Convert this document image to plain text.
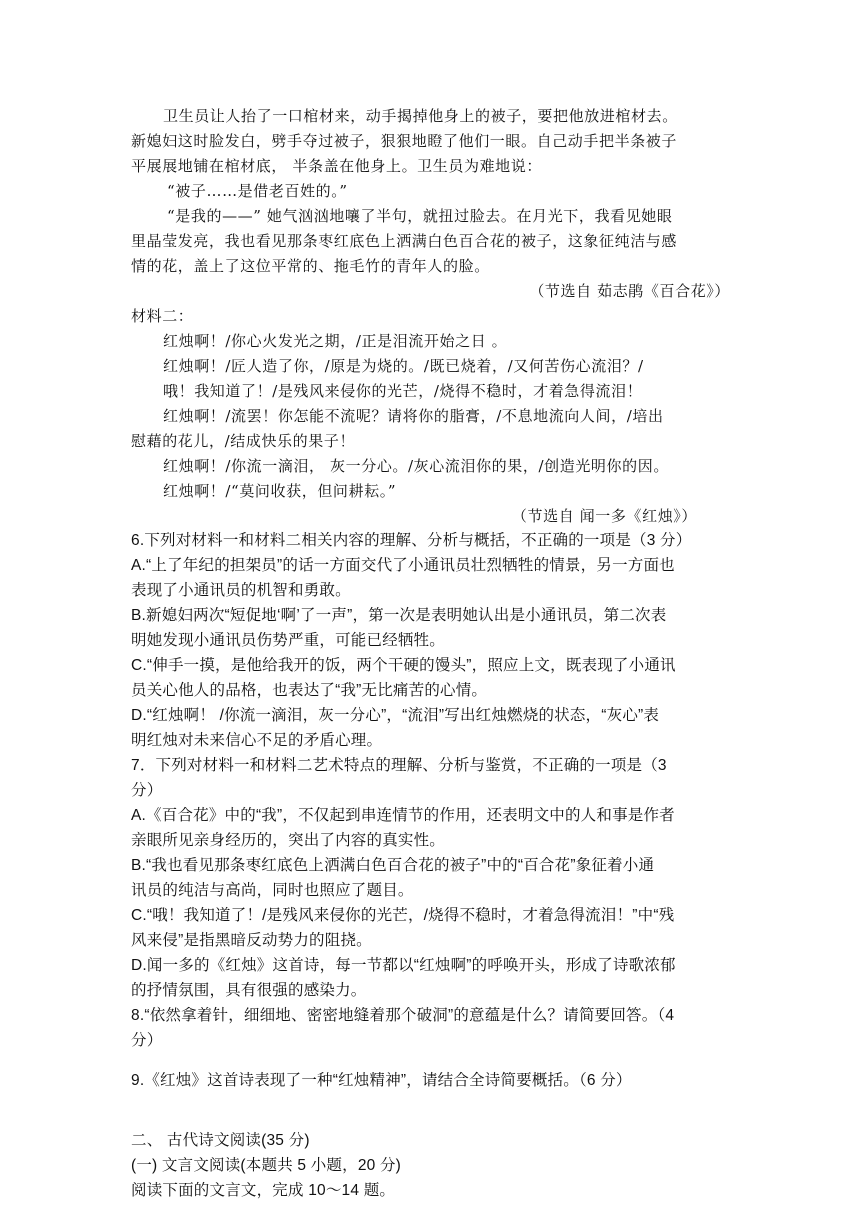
卫生员让人抬了一口棺材来，动手揭掉他身上的被子，要把他放进棺材去。
新媳妇这时脸发白，劈手夺过被子，狠狠地瞪了他们一眼。自己动手把半条被子
平展展地铺在棺材底， 半条盖在他身上。卫生员为难地说：
“被子……是借老百姓的。”
“是我的——” 她气汹汹地嚷了半句，就扭过脸去。在月光下，我看见她眼
里晶莹发亮，我也看见那条枣红底色上洒满白色百合花的被子，这象征纯洁与感
情的花，盖上了这位平常的、拖毛竹的青年人的脸。
（节选自 茹志鹃《百合花》）
材料二：
红烛啊！/你心火发光之期，/正是泪流开始之日 。
红烛啊！/匠人造了你，/原是为烧的。/既已烧着，/又何苦伤心流泪？/
哦！我知道了！/是残风来侵你的光芒，/烧得不稳时，才着急得流泪！
红烛啊！/流罢！你怎能不流呢？请将你的脂膏，/不息地流向人间，/培出
慰藉的花儿，/结成快乐的果子！
红烛啊！/你流一滴泪， 灰一分心。/灰心流泪你的果，/创造光明你的因。
红烛啊！/“莫问收获，但问耕耘。”
（节选自 闻一多《红烛》）
6.下列对材料一和材料二相关内容的理解、分析与概括，不正确的一项是（3 分）
A.“上了年纪的担架员”的话一方面交代了小通讯员壮烈牺牲的情景，另一方面也
表现了小通讯员的机智和勇敢。
B.新媳妇两次“短促地‘啊’了一声”，第一次是表明她认出是小通讯员，第二次表
明她发现小通讯员伤势严重，可能已经牺牲。
C.“伸手一摸，是他给我开的饭，两个干硬的馒头”，照应上文，既表现了小通讯
员关心他人的品格，也表达了“我”无比痛苦的心情。
D.“红烛啊！ /你流一滴泪，灰一分心”，“流泪”写出红烛燃烧的状态，“灰心”表
明红烛对未来信心不足的矛盾心理。
7．下列对材料一和材料二艺术特点的理解、分析与鉴赏，不正确的一项是（3
分）
A.《百合花》中的“我”，不仅起到串连情节的作用，还表明文中的人和事是作者
亲眼所见亲身经历的，突出了内容的真实性。
B.“我也看见那条枣红底色上洒满白色百合花的被子”中的“百合花”象征着小通
讯员的纯洁与高尚，同时也照应了题目。
C.“哦！我知道了！/是残风来侵你的光芒，/烧得不稳时，才着急得流泪！”中“残
风来侵”是指黑暗反动势力的阻挠。
D.闻一多的《红烛》这首诗，每一节都以“红烛啊”的呼唤开头，形成了诗歌浓郁
的抒情氛围，具有很强的感染力。
8.“依然拿着针，细细地、密密地缝着那个破洞”的意蕴是什么？请简要回答。（4
分）
9.《红烛》这首诗表现了一种“红烛精神”，请结合全诗简要概括。（6 分）
二、 古代诗文阅读(35 分)
(一) 文言文阅读(本题共 5 小题，20 分)
阅读下面的文言文，完成 10～14 题。
